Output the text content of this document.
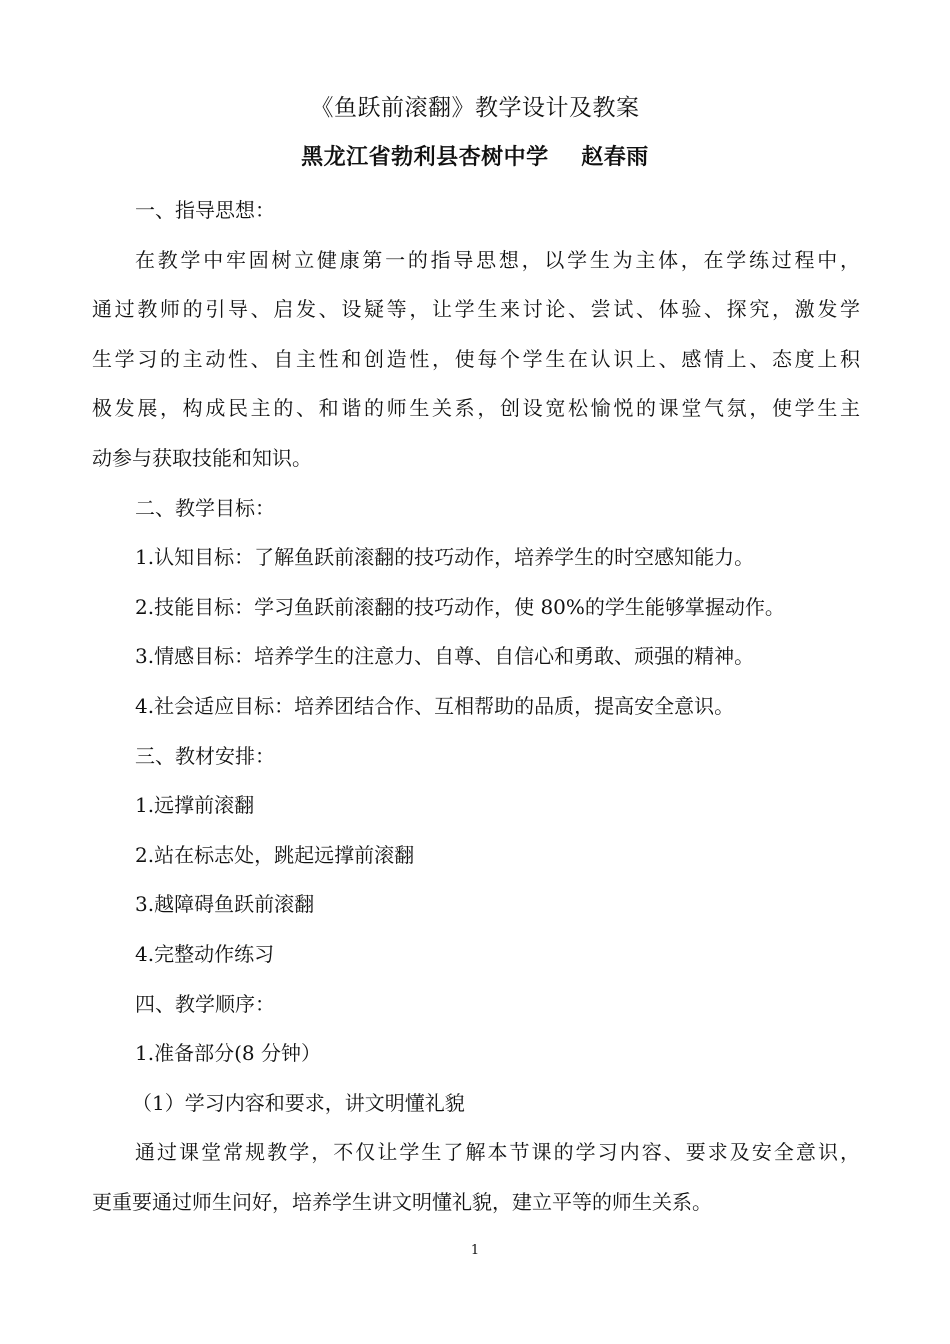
《鱼跃前滚翻》教学设计及教案
黑龙江省勃利县杏树中学    赵春雨
一、指导思想：
在教学中牢固树立健康第一的指导思想，以学生为主体，在学练过程中，
通过教师的引导、启发、设疑等，让学生来讨论、尝试、体验、探究，激发学
生学习的主动性、自主性和创造性，使每个学生在认识上、感情上、态度上积
极发展，构成民主的、和谐的师生关系，创设宽松愉悦的课堂气氛，使学生主
动参与获取技能和知识。
二、教学目标：
1.认知目标：了解鱼跃前滚翻的技巧动作，培养学生的时空感知能力。
2.技能目标：学习鱼跃前滚翻的技巧动作，使 80%的学生能够掌握动作。
3.情感目标：培养学生的注意力、自尊、自信心和勇敢、顽强的精神。
4.社会适应目标：培养团结合作、互相帮助的品质，提高安全意识。
三、教材安排：
1.远撑前滚翻
2.站在标志处，跳起远撑前滚翻
3.越障碍鱼跃前滚翻
4.完整动作练习
四、教学顺序：
1.准备部分(8 分钟）
（1）学习内容和要求，讲文明懂礼貌
通过课堂常规教学，不仅让学生了解本节课的学习内容、要求及安全意识，
更重要通过师生问好，培养学生讲文明懂礼貌，建立平等的师生关系。
1
